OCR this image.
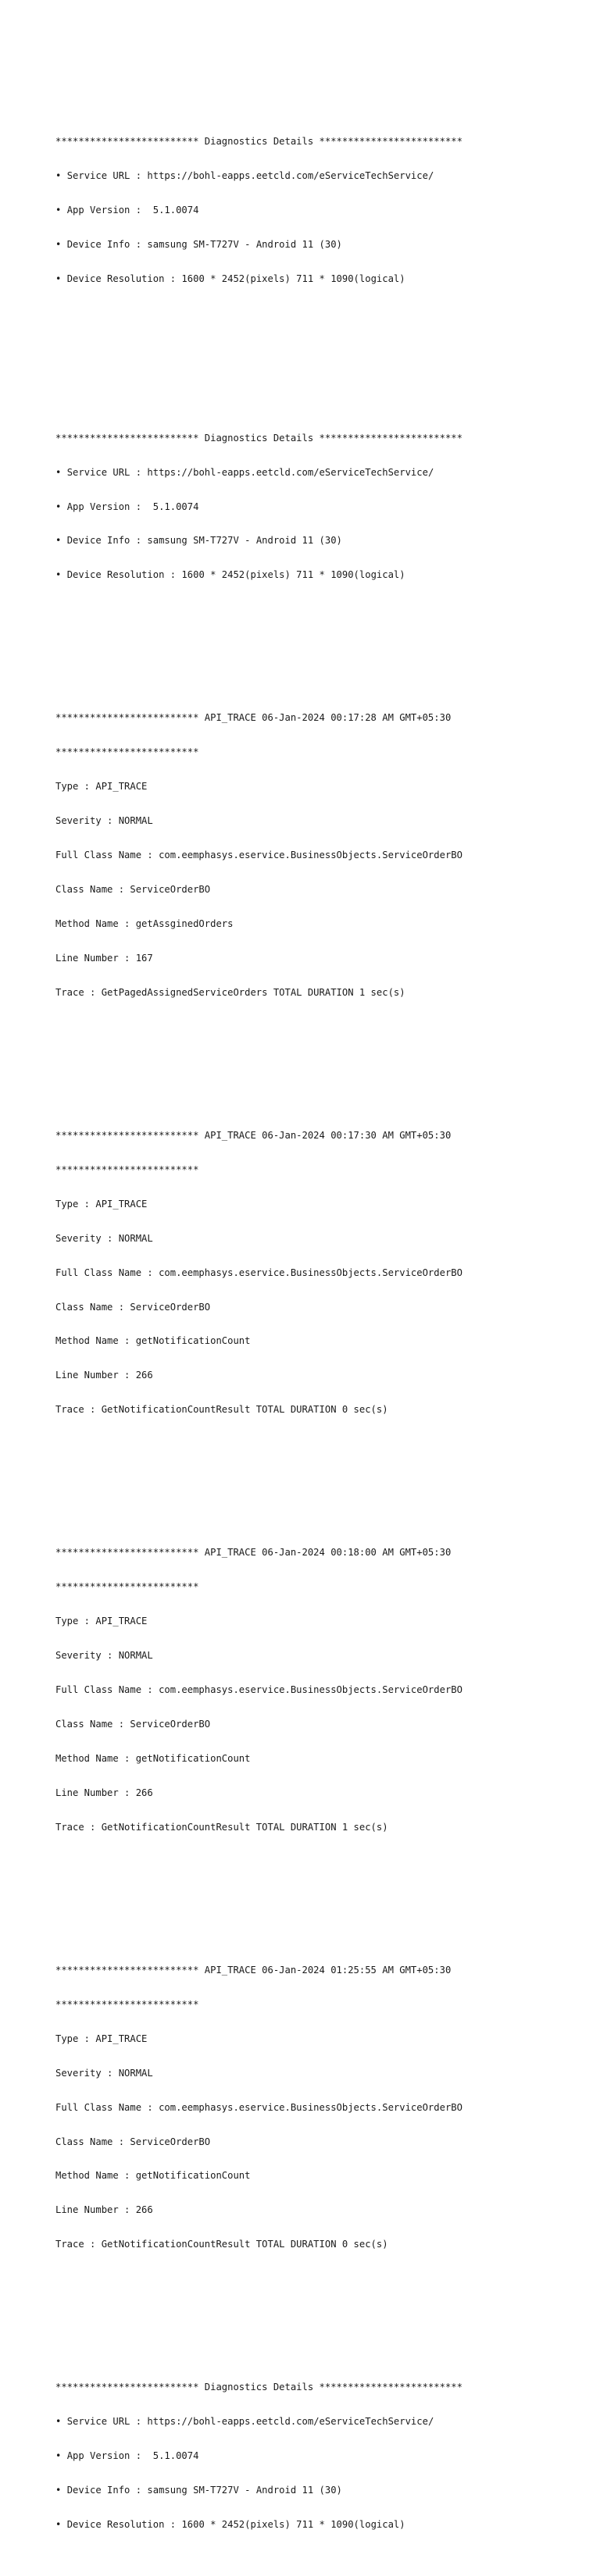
************************* Diagnostics Details *************************

• Service URL : https://bohl-eapps.eetcld.com/eServiceTechService/

• App Version :  5.1.0074

• Device Info : samsung SM-T727V - Android 11 (30)

• Device Resolution : 1600 * 2452(pixels) 711 * 1090(logical)

************************* Diagnostics Details *************************

• Service URL : https://bohl-eapps.eetcld.com/eServiceTechService/

• App Version :  5.1.0074

• Device Info : samsung SM-T727V - Android 11 (30)

• Device Resolution : 1600 * 2452(pixels) 711 * 1090(logical)

************************* API_TRACE 06-Jan-2024 00:17:28 AM GMT+05:30

*************************

Type : API_TRACE

Severity : NORMAL

Full Class Name : com.eemphasys.eservice.BusinessObjects.ServiceOrderBO

Class Name : ServiceOrderBO

Method Name : getAssginedOrders

Line Number : 167

Trace : GetPagedAssignedServiceOrders TOTAL DURATION 1 sec(s)

************************* API_TRACE 06-Jan-2024 00:17:30 AM GMT+05:30

*************************

Type : API_TRACE

Severity : NORMAL

Full Class Name : com.eemphasys.eservice.BusinessObjects.ServiceOrderBO

Class Name : ServiceOrderBO

Method Name : getNotificationCount

Line Number : 266

Trace : GetNotificationCountResult TOTAL DURATION 0 sec(s)

************************* API_TRACE 06-Jan-2024 00:18:00 AM GMT+05:30

*************************

Type : API_TRACE

Severity : NORMAL

Full Class Name : com.eemphasys.eservice.BusinessObjects.ServiceOrderBO

Class Name : ServiceOrderBO

Method Name : getNotificationCount

Line Number : 266

Trace : GetNotificationCountResult TOTAL DURATION 1 sec(s)

************************* API_TRACE 06-Jan-2024 01:25:55 AM GMT+05:30

*************************

Type : API_TRACE

Severity : NORMAL

Full Class Name : com.eemphasys.eservice.BusinessObjects.ServiceOrderBO

Class Name : ServiceOrderBO

Method Name : getNotificationCount

Line Number : 266

Trace : GetNotificationCountResult TOTAL DURATION 0 sec(s)

************************* Diagnostics Details *************************

• Service URL : https://bohl-eapps.eetcld.com/eServiceTechService/

• App Version :  5.1.0074

• Device Info : samsung SM-T727V - Android 11 (30)

• Device Resolution : 1600 * 2452(pixels) 711 * 1090(logical)
